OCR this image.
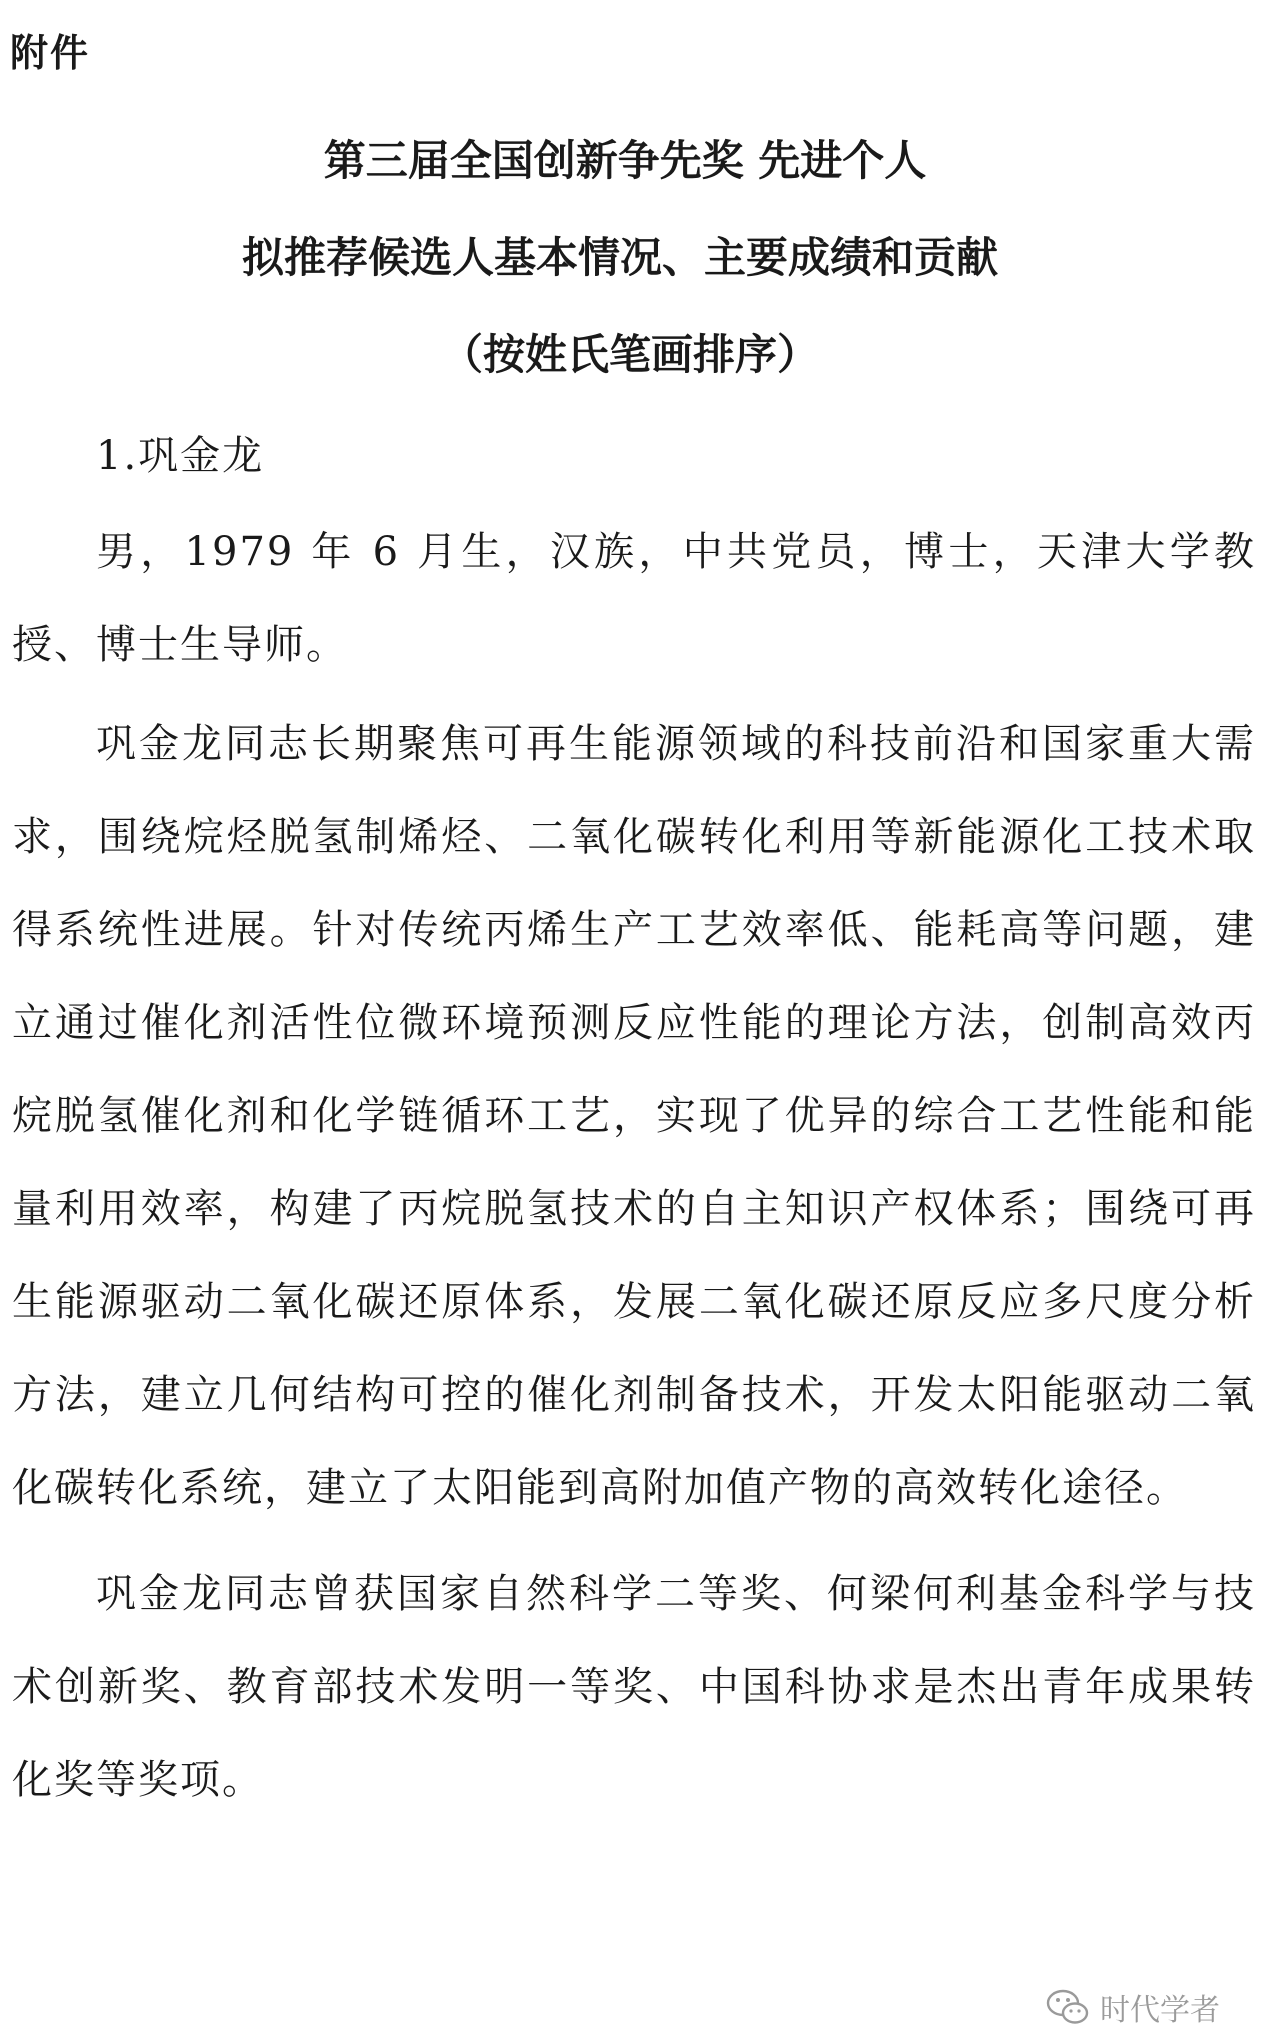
附件

第三届全国创新争先奖 先进个人

拟推荐候选人基本情况、主要成绩和贡献

（按姓氏笔画排序）

1.巩金龙

男，1979 年 6 月生，汉族，中共党员，博士，天津大学教授、博士生导师。

巩金龙同志长期聚焦可再生能源领域的科技前沿和国家重大需求，围绕烷烃脱氢制烯烃、二氧化碳转化利用等新能源化工技术取得系统性进展。针对传统丙烯生产工艺效率低、能耗高等问题，建立通过催化剂活性位微环境预测反应性能的理论方法，创制高效丙烷脱氢催化剂和化学链循环工艺，实现了优异的综合工艺性能和能量利用效率，构建了丙烷脱氢技术的自主知识产权体系；围绕可再生能源驱动二氧化碳还原体系，发展二氧化碳还原反应多尺度分析方法，建立几何结构可控的催化剂制备技术，开发太阳能驱动二氧化碳转化系统，建立了太阳能到高附加值产物的高效转化途径。

巩金龙同志曾获国家自然科学二等奖、何梁何利基金科学与技术创新奖、教育部技术发明一等奖、中国科协求是杰出青年成果转化奖等奖项。

时代学者
